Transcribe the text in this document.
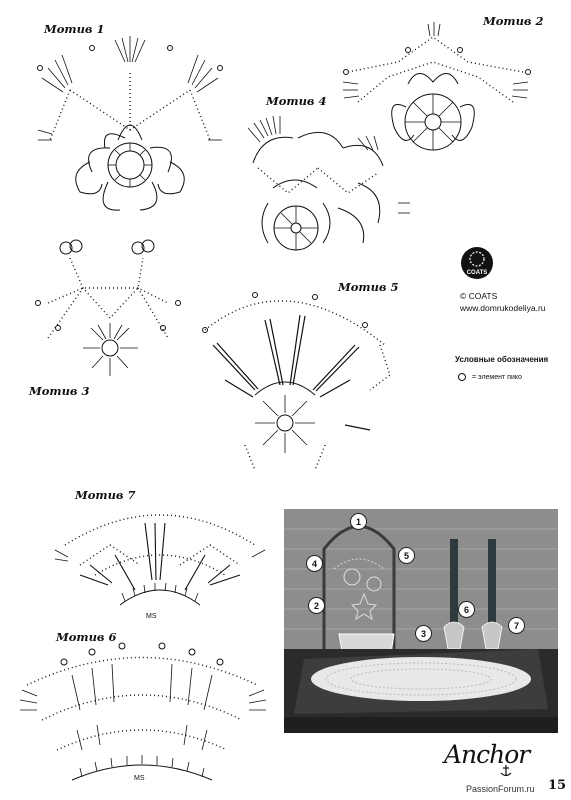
Мотив 1
Мотив 2
Мотив 4
Мотив 3
Мотив 5
Мотив 7
Мотив 6
COATS
© COATS
www.domrukodeliya.ru
Условные обозначения
= элемент пико
MS
MS
1
2
3
4
5
6
7
Anchor
PassionForum.ru 15
